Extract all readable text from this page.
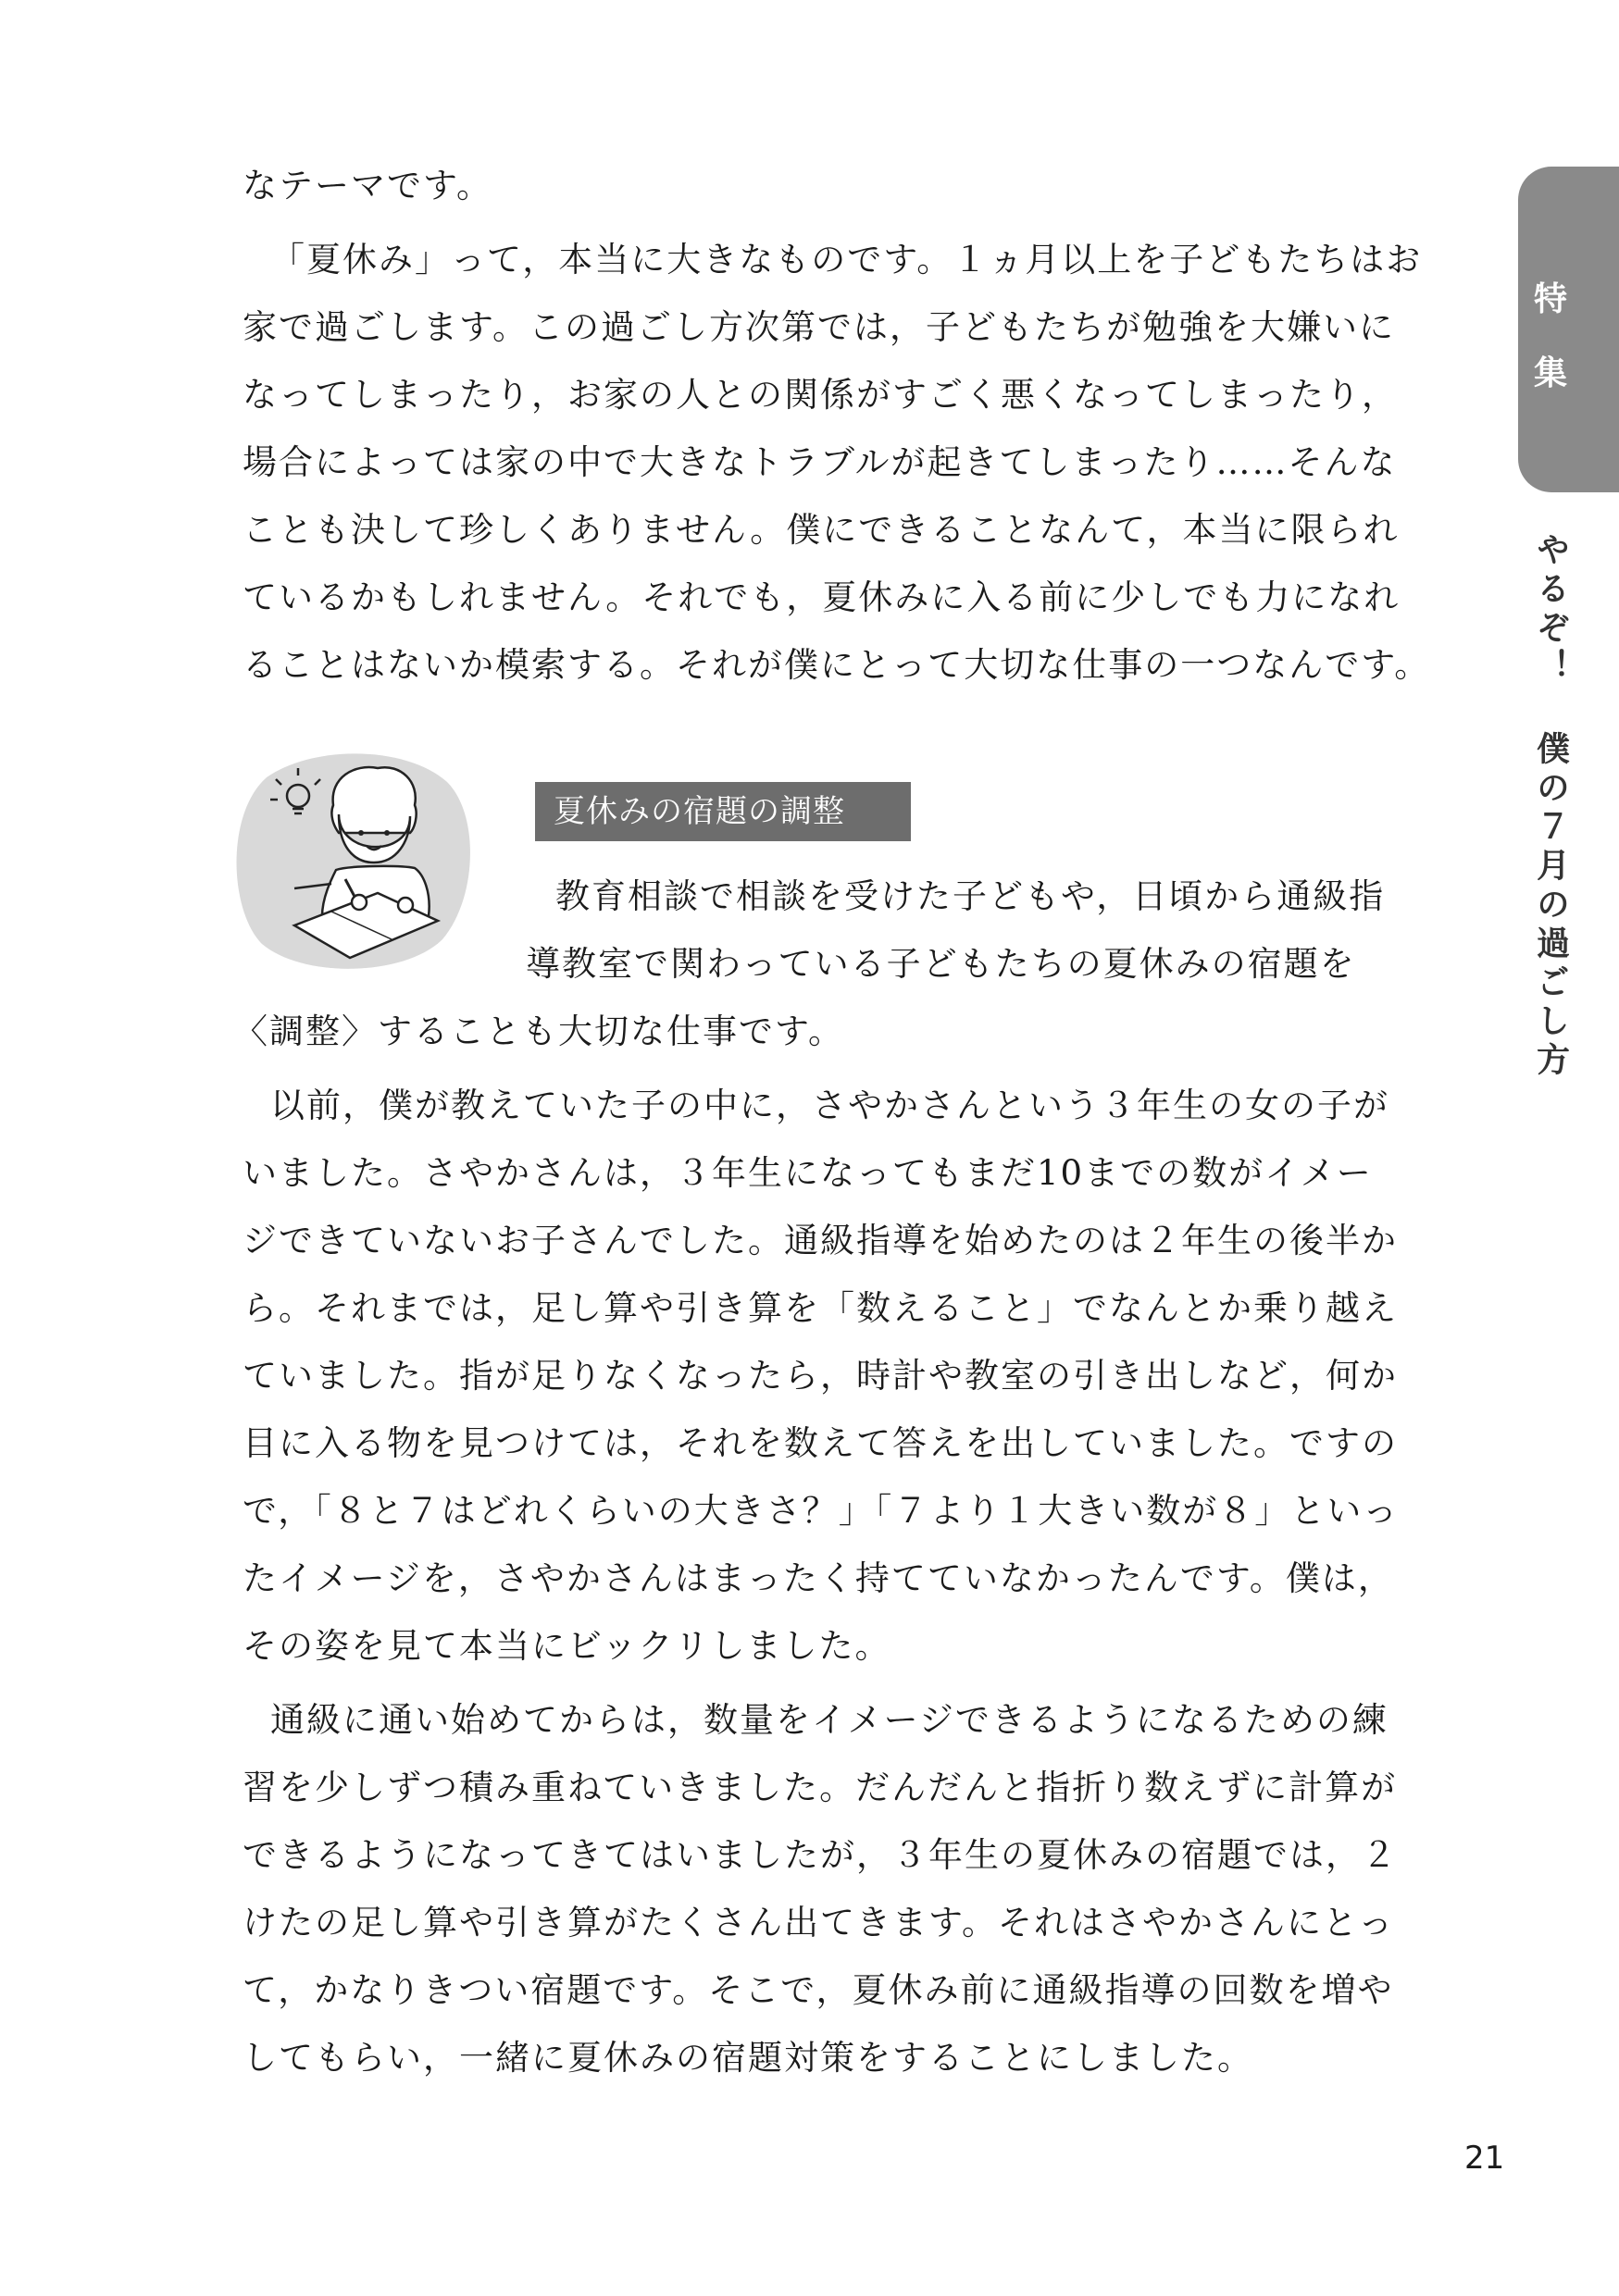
特
集
やるぞ！ 僕の７月の過ごし方
なテーマです。
「夏休み」って，本当に大きなものです。１ヵ月以上を子どもたちはお
家で過ごします。この過ごし方次第では，子どもたちが勉強を大嫌いに
なってしまったり，お家の人との関係がすごく悪くなってしまったり，
場合によっては家の中で大きなトラブルが起きてしまったり……そんな
ことも決して珍しくありません。僕にできることなんて，本当に限られ
ているかもしれません。それでも，夏休みに入る前に少しでも力になれ
ることはないか模索する。それが僕にとって大切な仕事の一つなんです。
夏休みの宿題の調整
教育相談で相談を受けた子どもや，日頃から通級指
導教室で関わっている子どもたちの夏休みの宿題を
〈調整〉することも大切な仕事です。
以前，僕が教えていた子の中に，さやかさんという３年生の女の子が
いました。さやかさんは，３年生になってもまだ10までの数がイメー
ジできていないお子さんでした。通級指導を始めたのは２年生の後半か
ら。それまでは，足し算や引き算を「数えること」でなんとか乗り越え
ていました。指が足りなくなったら，時計や教室の引き出しなど，何か
目に入る物を見つけては，それを数えて答えを出していました。ですの
で，「８と７はどれくらいの大きさ？」「７より１大きい数が８」といっ
たイメージを，さやかさんはまったく持てていなかったんです。僕は，
その姿を見て本当にビックリしました。
通級に通い始めてからは，数量をイメージできるようになるための練
習を少しずつ積み重ねていきました。だんだんと指折り数えずに計算が
できるようになってきてはいましたが，３年生の夏休みの宿題では，２
けたの足し算や引き算がたくさん出てきます。それはさやかさんにとっ
て，かなりきつい宿題です。そこで，夏休み前に通級指導の回数を増や
してもらい，一緒に夏休みの宿題対策をすることにしました。
21
